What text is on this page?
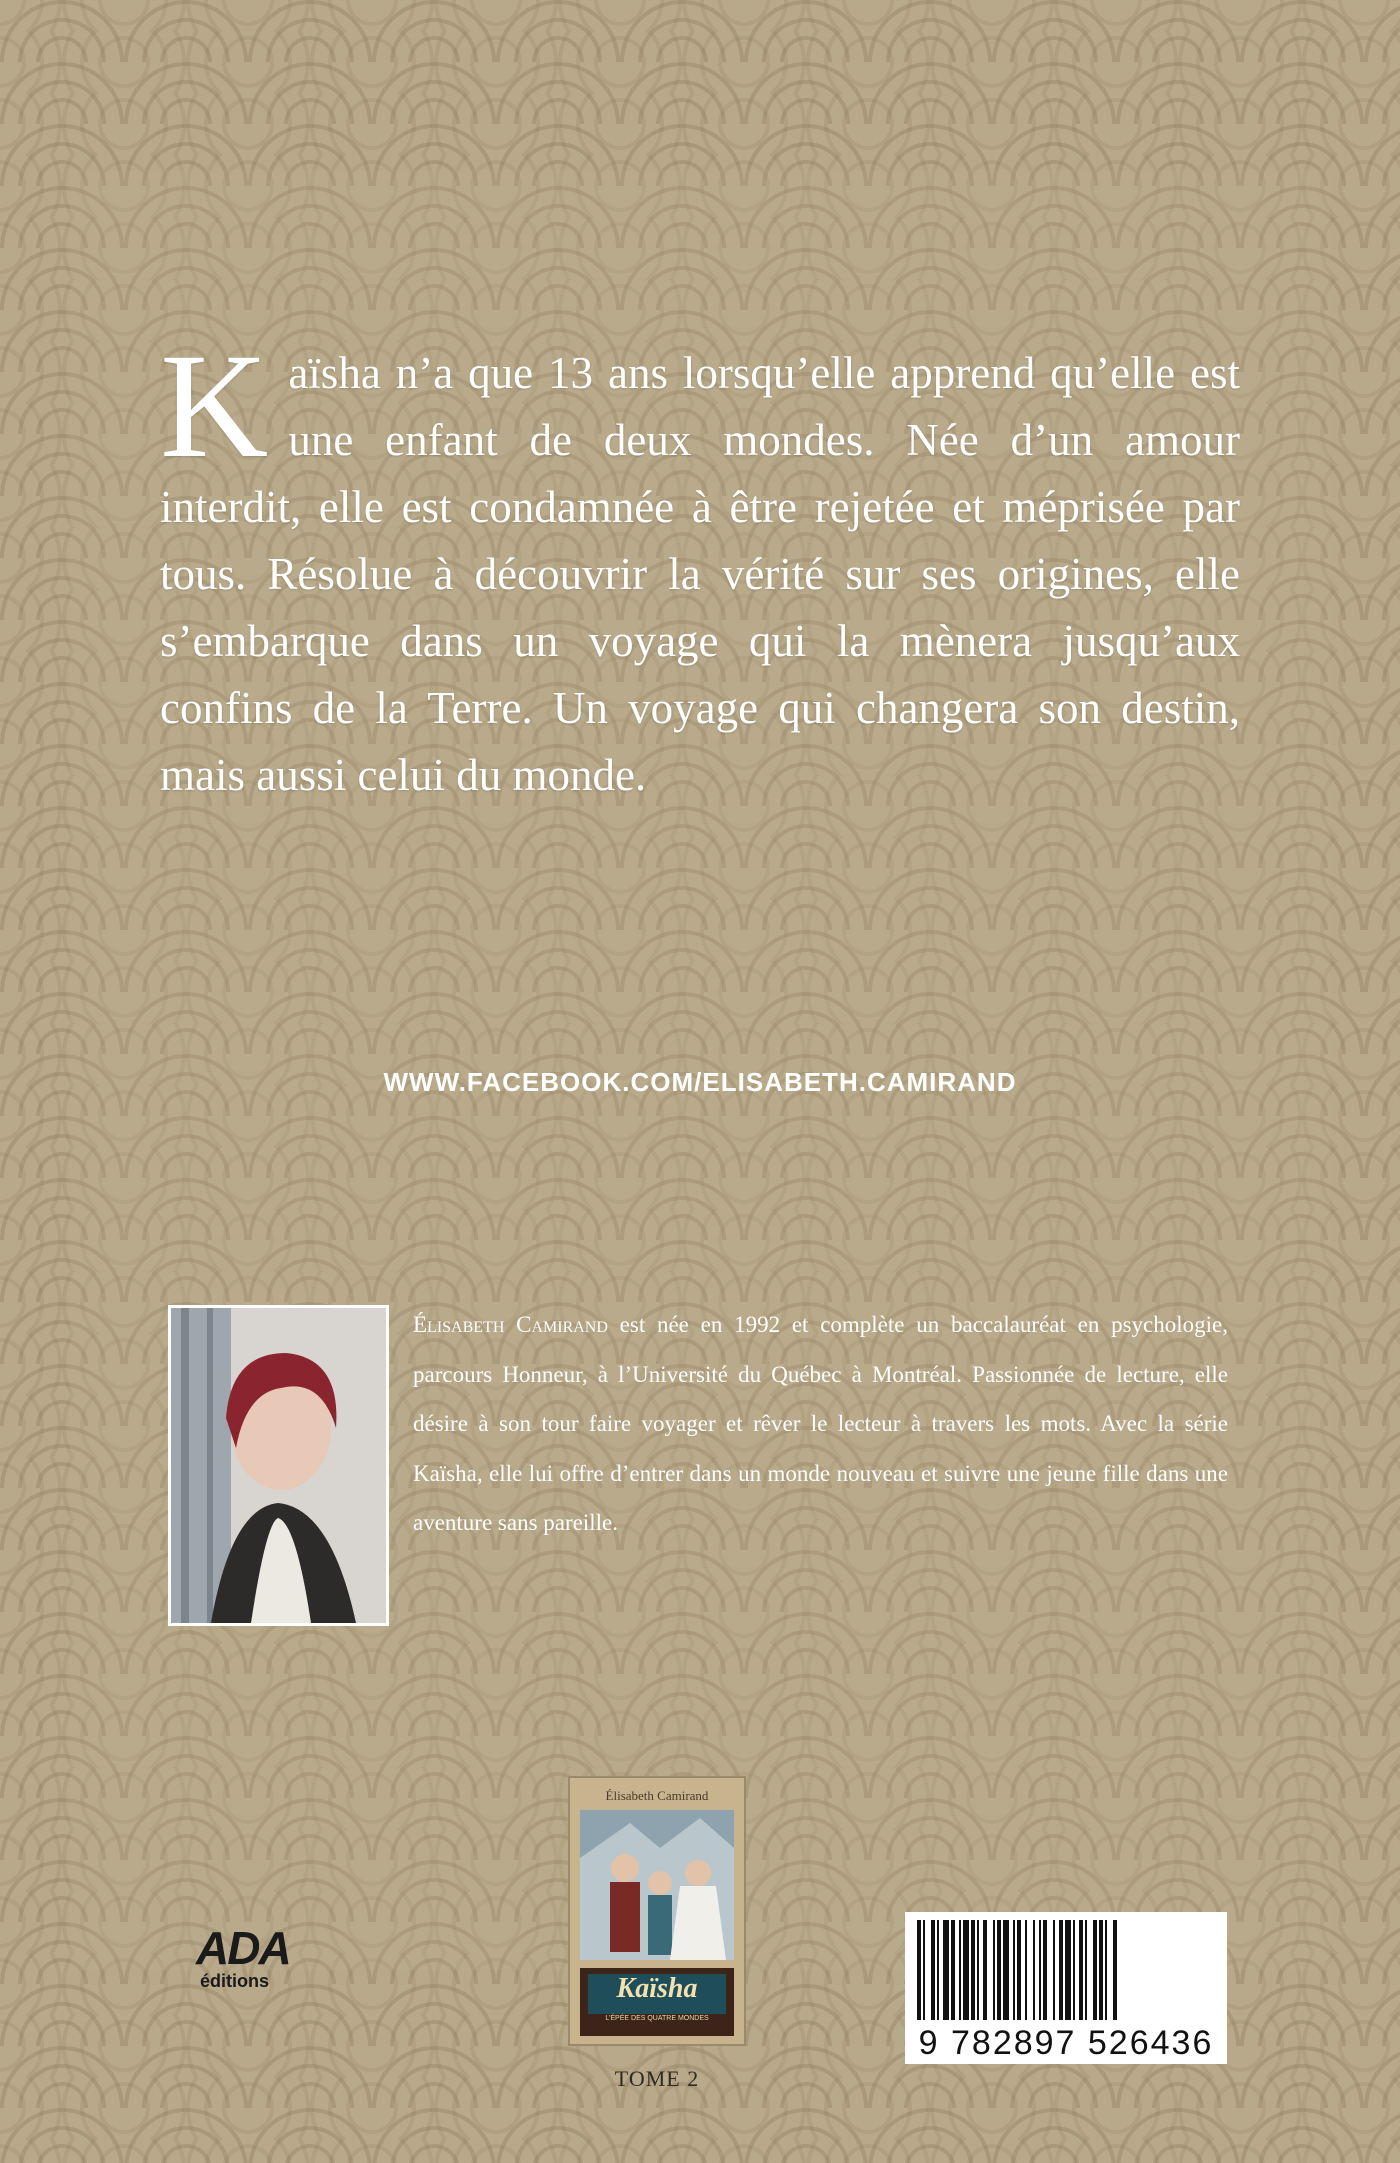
Kaïsha n’a que 13 ans lorsqu’elle apprend qu’elle est une enfant de deux mondes. Née d’un amour interdit, elle est condamnée à être rejetée et méprisée par tous. Résolue à découvrir la vérité sur ses origines, elle s’embarque dans un voyage qui la mènera jusqu’aux confins de la Terre. Un voyage qui changera son destin, mais aussi celui du monde.
WWW.FACEBOOK.COM/ELISABETH.CAMIRAND
Élisabeth Camirand est née en 1992 et complète un baccalauréat en psychologie, parcours Honneur, à l’Université du Québec à Montréal. Passionnée de lecture, elle désire à son tour faire voyager et rêver le lecteur à travers les mots. Avec la série Kaïsha, elle lui offre d’entrer dans un monde nouveau et suivre une jeune fille dans une aventure sans pareille.
Élisabeth Camirand
Kaïsha
L’ÉPÉE DES QUATRE MONDES
TOME 2
ADA
éditions
9 782897 526436
